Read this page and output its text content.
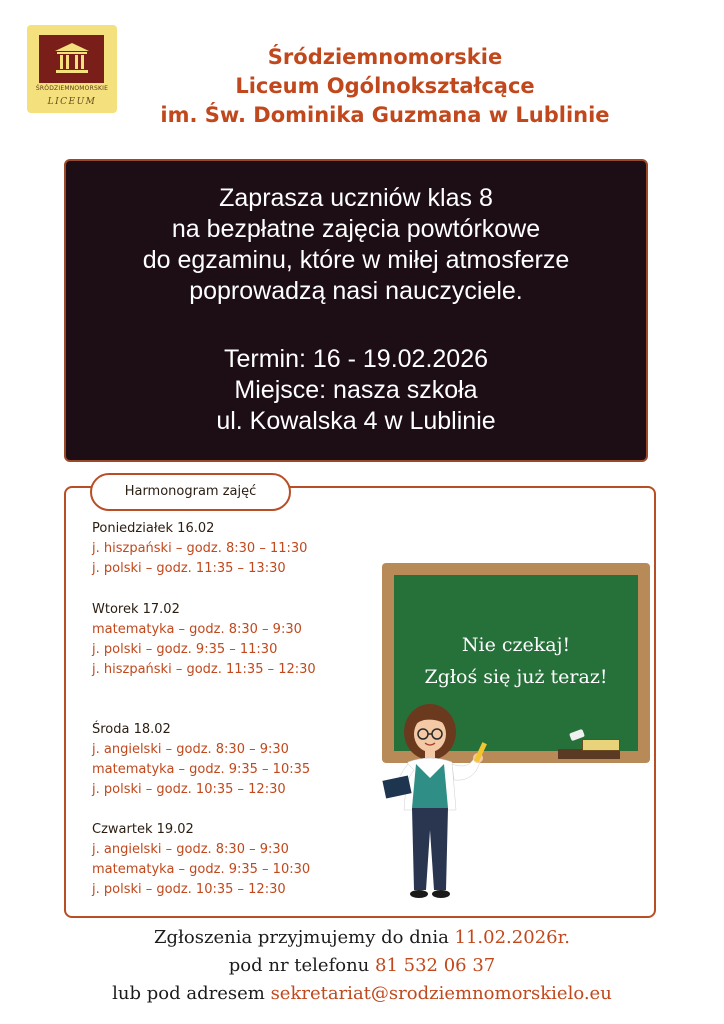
ŚRÓDZIEMNOMORSKIE
LICEUM
Śródziemnomorskie
Liceum Ogólnokształcące
im. Św. Dominika Guzmana w Lublinie
Zaprasza uczniów klas 8
na bezpłatne zajęcia powtórkowe
do egzaminu, które w miłej atmosferze
poprowadzą nasi nauczyciele.
Termin: 16 - 19.02.2026
Miejsce: nasza szkoła
ul. Kowalska 4 w Lublinie
Harmonogram zajęć
Poniedziałek 16.02
j. hiszpański – godz. 8:30 – 11:30
j. polski – godz. 11:35 – 13:30
Wtorek 17.02
matematyka – godz. 8:30 – 9:30
j. polski – godz. 9:35 – 11:30
j. hiszpański – godz. 11:35 – 12:30
Środa 18.02
j. angielski – godz. 8:30 – 9:30
matematyka – godz. 9:35 – 10:35
j. polski – godz. 10:35 – 12:30
Czwartek 19.02
j. angielski – godz. 8:30 – 9:30
matematyka – godz. 9:35 – 10:30
j. polski – godz. 10:35 – 12:30
Nie czekaj!
Zgłoś się już teraz!
Zgłoszenia przyjmujemy do dnia 11.02.2026r.
pod nr telefonu 81 532 06 37
lub pod adresem sekretariat@srodziemnomorskielo.eu
